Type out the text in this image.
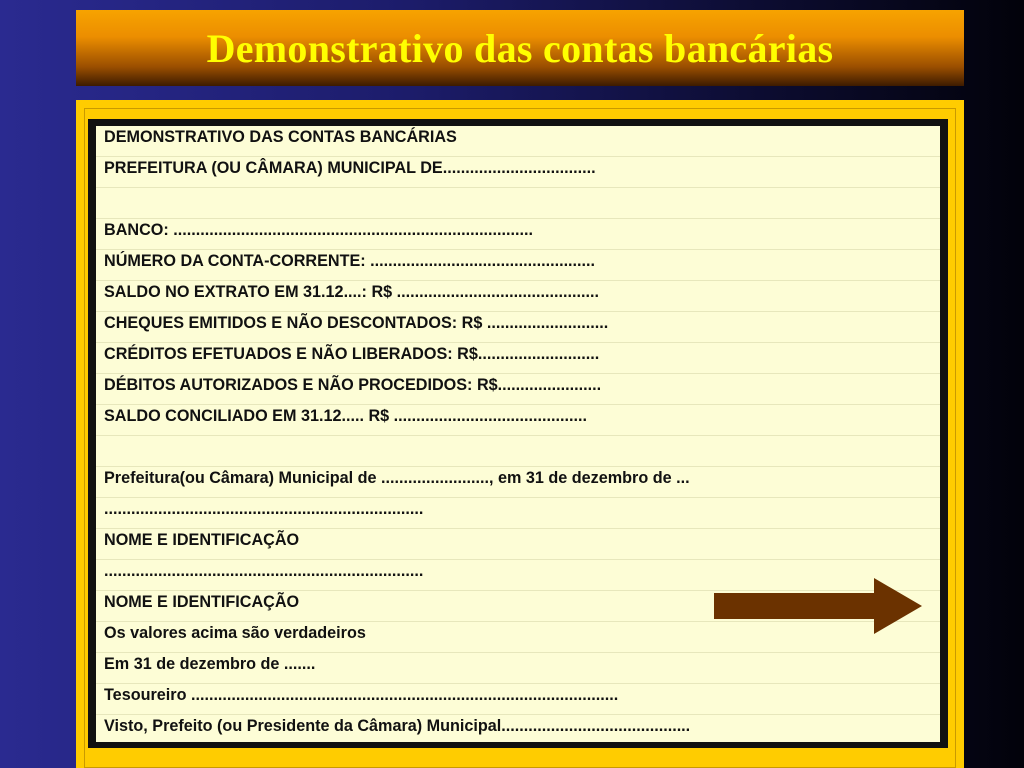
Demonstrativo das contas bancárias
DEMONSTRATIVO DAS CONTAS BANCÁRIAS
PREFEITURA (OU CÂMARA) MUNICIPAL DE..................................
BANCO: ................................................................................
NÚMERO DA CONTA-CORRENTE: ..................................................
SALDO NO EXTRATO EM 31.12....: R$ .............................................
CHEQUES EMITIDOS E NÃO DESCONTADOS: R$ ...........................
CRÉDITOS EFETUADOS E NÃO LIBERADOS: R$...........................
DÉBITOS AUTORIZADOS E NÃO PROCEDIDOS: R$.......................
SALDO CONCILIADO EM 31.12..... R$ ...........................................
Prefeitura(ou Câmara) Municipal de ........................, em 31 de dezembro de ...
.......................................................................
NOME E IDENTIFICAÇÃO
.......................................................................
NOME E IDENTIFICAÇÃO
Os valores acima são verdadeiros
Em 31 de dezembro de .......
Tesoureiro ...............................................................................................
Visto, Prefeito (ou Presidente da Câmara) Municipal..........................................
